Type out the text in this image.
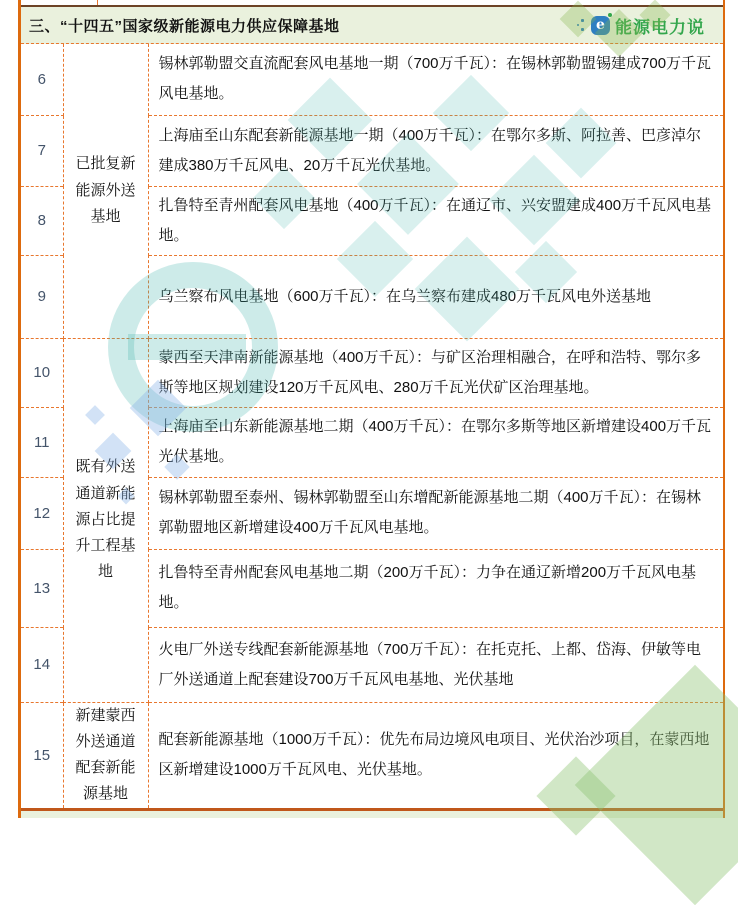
三、“十四五”国家级新能源电力供应保障基地	e 能源电力说
6	已批复新能源外送基地	锡林郭勒盟交直流配套风电基地一期（700万千瓦）：在锡林郭勒盟锡建成700万千瓦风电基地。
7		上海庙至山东配套新能源基地一期（400万千瓦）：在鄂尔多斯、阿拉善、巴彦淖尔建成380万千瓦风电、20万千瓦光伏基地。
8		扎鲁特至青州配套风电基地（400万千瓦）：在通辽市、兴安盟建成400万千瓦风电基地。
9		乌兰察布风电基地（600万千瓦）：在乌兰察布建成480万千瓦风电外送基地
10	既有外送通道新能源占比提升工程基地	蒙西至天津南新能源基地（400万千瓦）：与矿区治理相融合，在呼和浩特、鄂尔多斯等地区规划建设120万千瓦风电、280万千瓦光伏矿区治理基地。
11		上海庙至山东新能源基地二期（400万千瓦）：在鄂尔多斯等地区新增建设400万千瓦光伏基地。
12		锡林郭勒盟至泰州、锡林郭勒盟至山东增配新能源基地二期（400万千瓦）：在锡林郭勒盟地区新增建设400万千瓦风电基地。
13		扎鲁特至青州配套风电基地二期（200万千瓦）：力争在通辽新增200万千瓦风电基地。
14		火电厂外送专线配套新能源基地（700万千瓦）：在托克托、上都、岱海、伊敏等电厂外送通道上配套建设700万千瓦风电基地、光伏基地
15	新建蒙西外送通道配套新能源基地	配套新能源基地（1000万千瓦）：优先布局边境风电项目、光伏治沙项目，在蒙西地区新增建设1000万千瓦风电、光伏基地。
